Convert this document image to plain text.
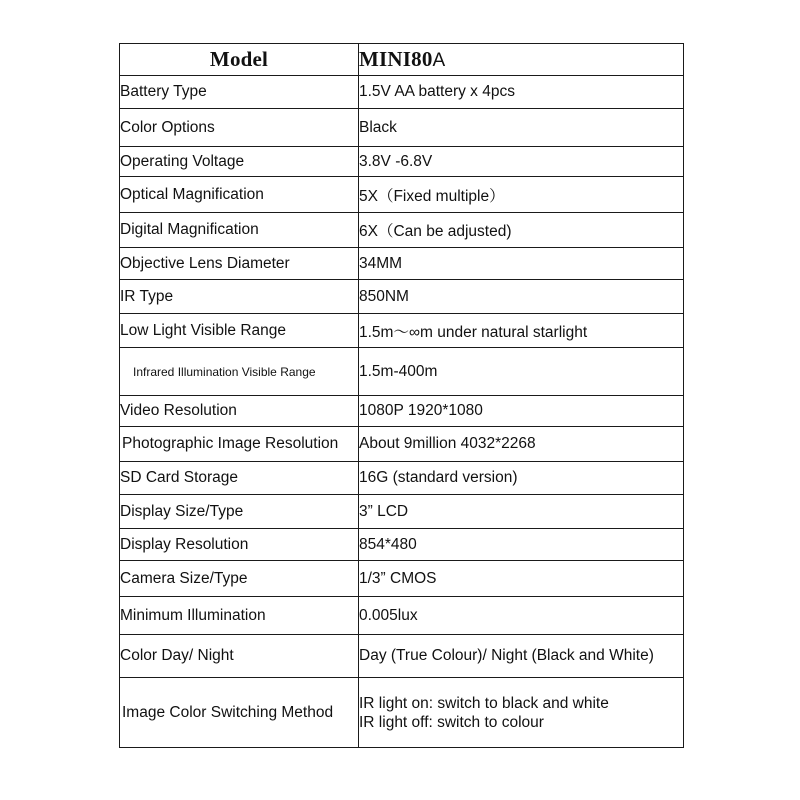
Model	MINI80A
Battery Type	1.5V AA battery x 4pcs
Color Options	Black
Operating Voltage	3.8V -6.8V
Optical Magnification	5X（Fixed multiple）
Digital Magnification	6X（Can be adjusted)
Objective Lens Diameter	34MM
IR Type	850NM
Low Light Visible Range	1.5m～∞m under natural starlight
Infrared Illumination Visible Range	1.5m-400m
Video Resolution	1080P 1920*1080
Photographic Image Resolution	About 9million 4032*2268
SD Card Storage	16G (standard version)
Display Size/Type	3” LCD
Display Resolution	854*480
Camera Size/Type	1/3” CMOS
Minimum Illumination	0.005lux
Color Day/ Night	Day (True Colour)/ Night (Black and White)
Image Color Switching Method	IR light on: switch to black and white
IR light off: switch to colour
